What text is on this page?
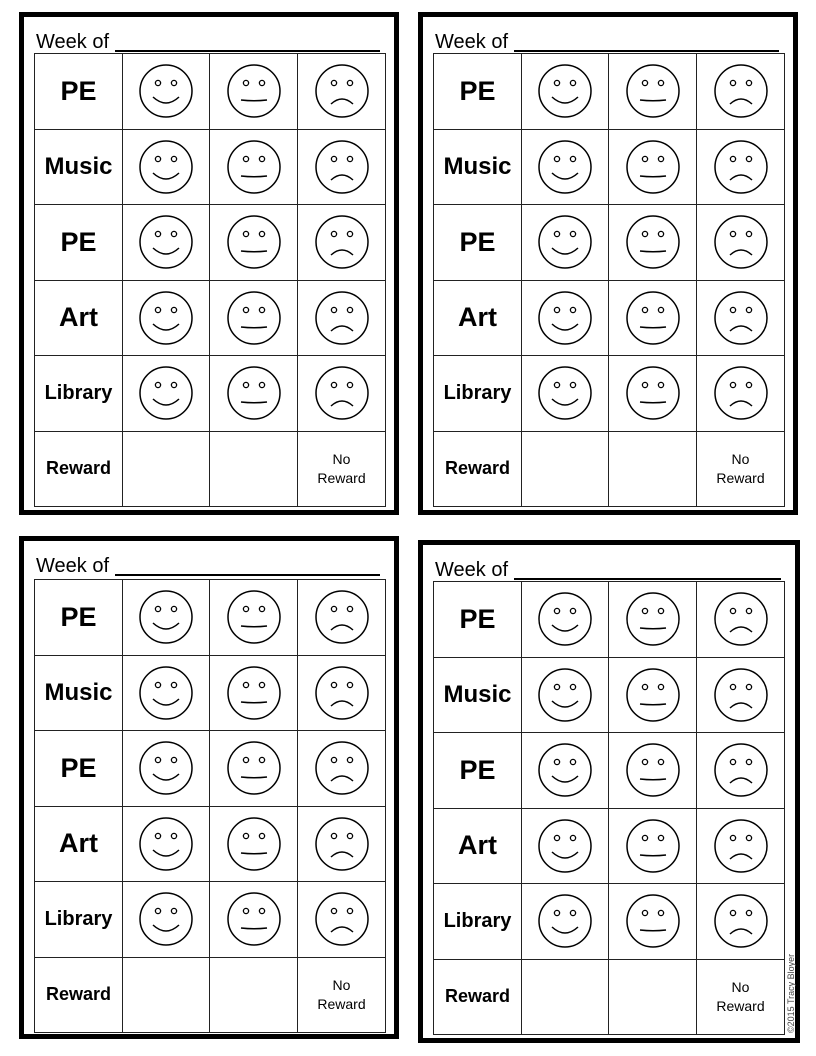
Week of
PE	

Music	

PE	

Art	

Library	

Reward			No
Reward
Week of
PE	

Music	

PE	

Art	

Library	

Reward			No
Reward
Week of
PE	

Music	

PE	

Art	

Library	

Reward			No
Reward
Week of
PE	

Music	

PE	

Art	

Library	

Reward			No
Reward	©2015 Tracy Bloyer
